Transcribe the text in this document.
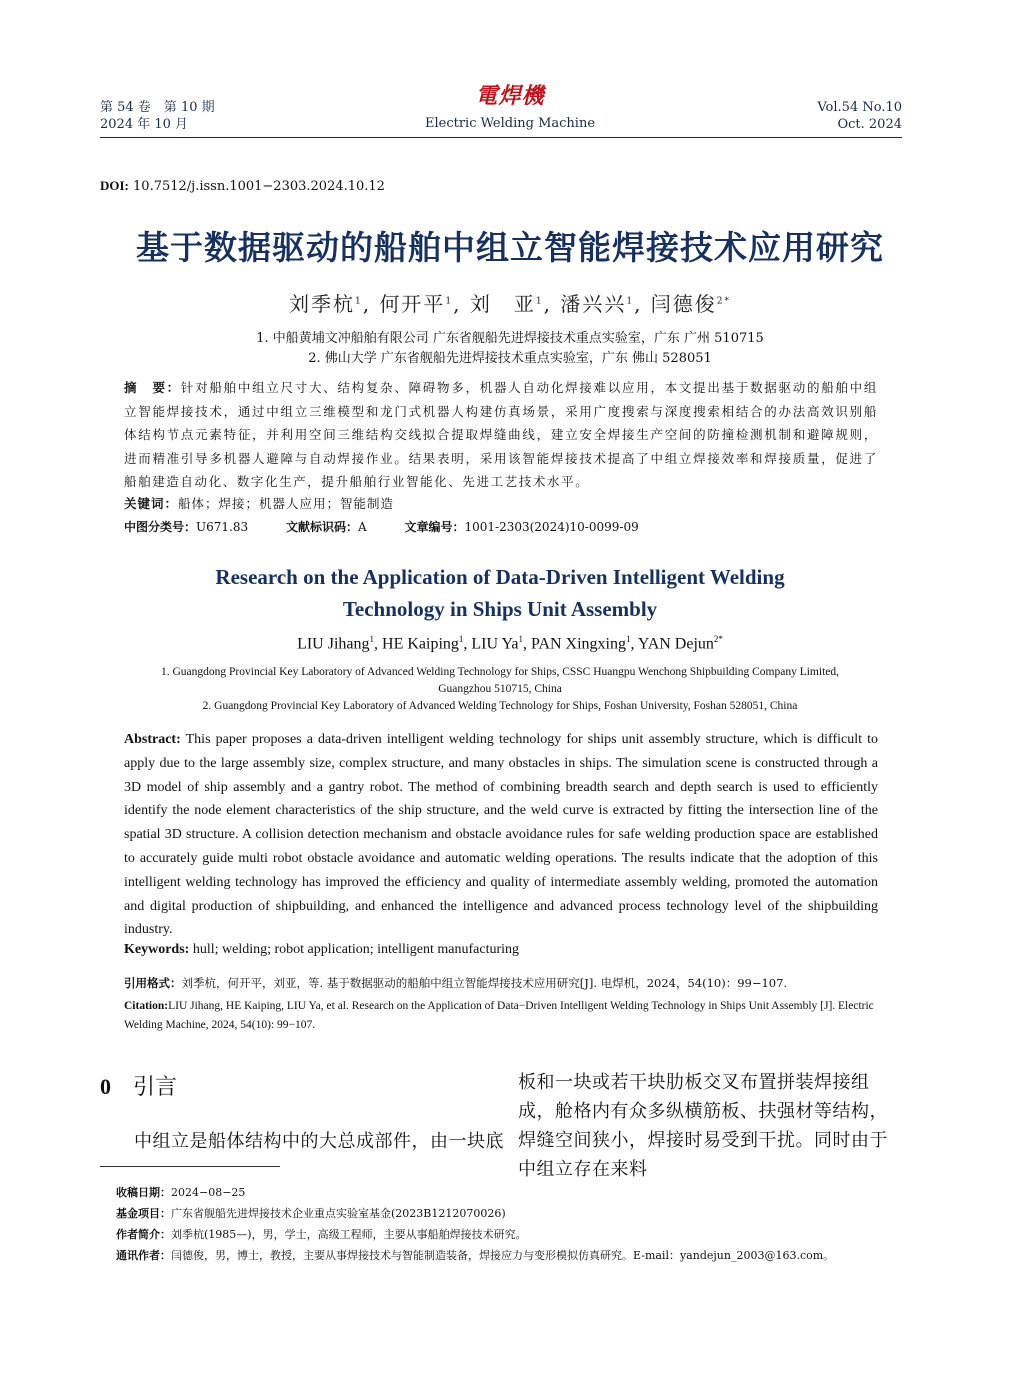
第 54 卷　第 10 期
2024 年 10 月
電焊機
Electric Welding Machine
Vol.54 No.10
Oct. 2024
DOI: 10.7512/j.issn.1001−2303.2024.10.12
基于数据驱动的船舶中组立智能焊接技术应用研究
刘季杭$^1$, 何开平$^1$, 刘　亚$^1$, 潘兴兴$^1$, 闫德俊$^{2*}$
1. 中船黄埔文冲船舶有限公司 广东省舰船先进焊接技术重点实验室，广东 广州 510715
2. 佛山大学 广东省舰船先进焊接技术重点实验室，广东 佛山 528051
摘　要：针对船舶中组立尺寸大、结构复杂、障碍物多，机器人自动化焊接难以应用，本文提出基于数据驱动的船舶中组立智能焊接技术，通过中组立三维模型和龙门式机器人构建仿真场景，采用广度搜索与深度搜索相结合的办法高效识别船体结构节点元素特征，并利用空间三维结构交线拟合提取焊缝曲线，建立安全焊接生产空间的防撞检测机制和避障规则，进而精准引导多机器人避障与自动焊接作业。结果表明，采用该智能焊接技术提高了中组立焊接效率和焊接质量，促进了船舶建造自动化、数字化生产，提升船舶行业智能化、先进工艺技术水平。
关键词：船体；焊接；机器人应用；智能制造
中图分类号：U671.83	文献标识码：A	文章编号：1001-2303(2024)10-0099-09
Research on the Application of Data-Driven Intelligent Welding
Technology in Ships Unit Assembly
LIU Jihang$^1$, HE Kaiping$^1$, LIU Ya$^1$, PAN Xingxing$^1$, YAN Dejun$^{2*}$
1. Guangdong Provincial Key Laboratory of Advanced Welding Technology for Ships, CSSC Huangpu Wenchong Shipbuilding Company Limited,
Guangzhou 510715, China
2. Guangdong Provincial Key Laboratory of Advanced Welding Technology for Ships, Foshan University, Foshan 528051, China
Abstract: This paper proposes a data-driven intelligent welding technology for ships unit assembly structure, which is difficult to apply due to the large assembly size, complex structure, and many obstacles in ships. The simulation scene is constructed through a 3D model of ship assembly and a gantry robot. The method of combining breadth search and depth search is used to efficiently identify the node element characteristics of the ship structure, and the weld curve is extracted by fitting the intersection line of the spatial 3D structure. A collision detection mechanism and obstacle avoidance rules for safe welding production space are established to accurately guide multi robot obstacle avoidance and automatic welding operations. The results indicate that the adoption of this intelligent welding technology has improved the efficiency and quality of intermediate assembly welding, promoted the automation and digital production of shipbuilding, and enhanced the intelligence and advanced process technology level of the shipbuilding industry.
Keywords: hull; welding; robot application; intelligent manufacturing
引用格式：刘季杭，何开平，刘亚，等. 基于数据驱动的船舶中组立智能焊接技术应用研究[J]. 电焊机，2024，54(10)：99−107.
Citation:LIU Jihang, HE Kaiping, LIU Ya, et al. Research on the Application of Data−Driven Intelligent Welding Technology in Ships Unit Assembly [J]. Electric Welding Machine, 2024, 54(10): 99−107.
0 引言
中组立是船体结构中的大总成部件，由一块底
板和一块或若干块肋板交叉布置拼装焊接组成，舱格内有众多纵横筋板、扶强材等结构，焊缝空间狭小，焊接时易受到干扰。同时由于中组立存在来料
收稿日期：2024−08−25
基金项目：广东省舰船先进焊接技术企业重点实验室基金(2023B1212070026)
作者简介：刘季杭(1985—)，男，学士，高级工程师，主要从事船舶焊接技术研究。
通讯作者：闫德俊，男，博士，教授，主要从事焊接技术与智能制造装备，焊接应力与变形模拟仿真研究。E-mail：yandejun_2003@163.com。
